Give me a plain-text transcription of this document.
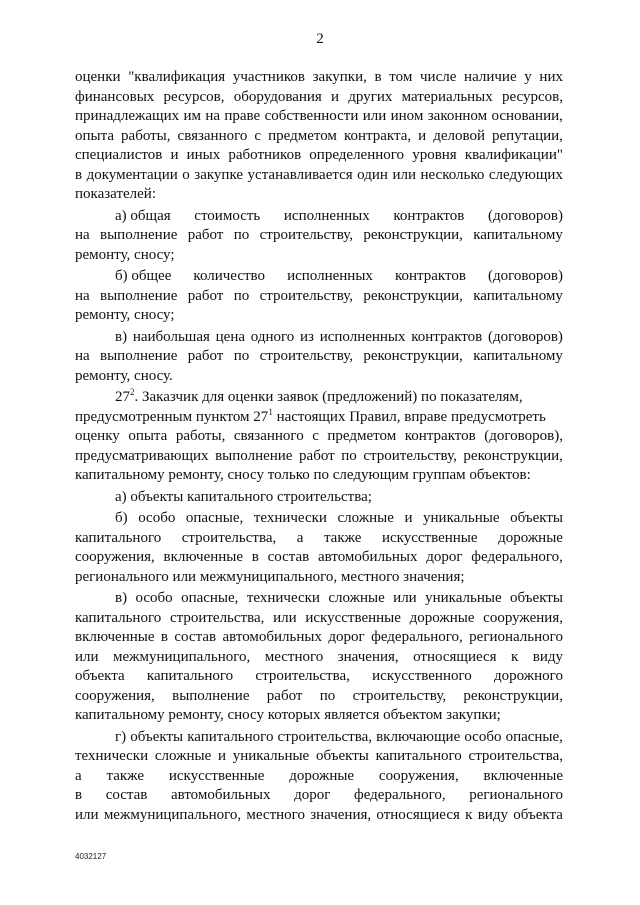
2
оценки "квалификация участников закупки, в том числе наличие у них
финансовых ресурсов, оборудования и других материальных ресурсов,
принадлежащих им на праве собственности или ином законном основании,
опыта работы, связанного с предметом контракта, и деловой репутации,
специалистов и иных работников определенного уровня квалификации"
в документации о закупке устанавливается один или несколько следующих
показателей:
а) общая стоимость исполненных контрактов (договоров)
на выполнение работ по строительству, реконструкции, капитальному
ремонту, сносу;
б) общее количество исполненных контрактов (договоров)
на выполнение работ по строительству, реконструкции, капитальному
ремонту, сносу;
в) наибольшая цена одного из исполненных контрактов (договоров)
на выполнение работ по строительству, реконструкции, капитальному
ремонту, сносу.
$27^2$. Заказчик для оценки заявок (предложений) по показателям,
предусмотренным пунктом $27^1$ настоящих Правил, вправе предусмотреть
оценку опыта работы, связанного с предметом контрактов (договоров),
предусматривающих выполнение работ по строительству, реконструкции,
капитальному ремонту, сносу только по следующим группам объектов:
а) объекты капитального строительства;
б) особо опасные, технически сложные и уникальные объекты
капитального строительства, а также искусственные дорожные
сооружения, включенные в состав автомобильных дорог федерального,
регионального или межмуниципального, местного значения;
в) особо опасные, технически сложные или уникальные объекты
капитального строительства, или искусственные дорожные сооружения,
включенные в состав автомобильных дорог федерального, регионального
или межмуниципального, местного значения, относящиеся к виду
объекта капитального строительства, искусственного дорожного
сооружения, выполнение работ по строительству, реконструкции,
капитальному ремонту, сносу которых является объектом закупки;
г) объекты капитального строительства, включающие особо опасные,
технически сложные и уникальные объекты капитального строительства,
а также искусственные дорожные сооружения, включенные
в состав автомобильных дорог федерального, регионального
или межмуниципального, местного значения, относящиеся к виду объекта
4032127
